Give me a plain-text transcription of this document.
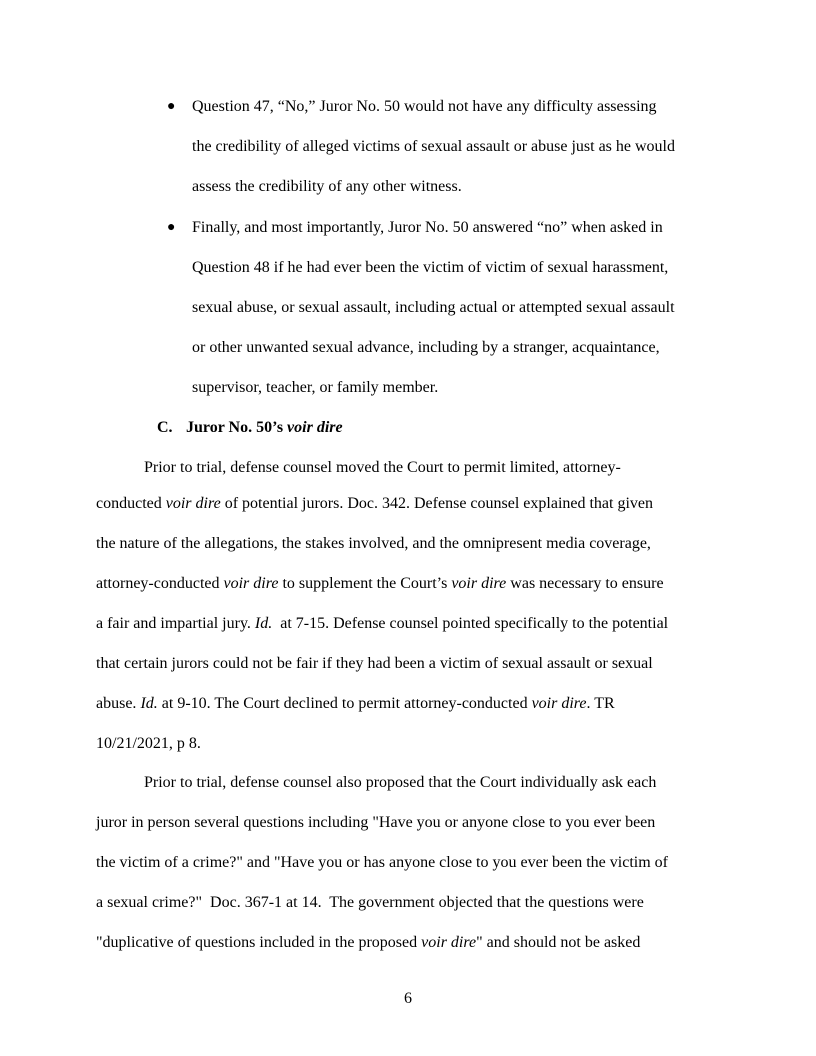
● Question 47, “No,” Juror No. 50 would not have any difficulty assessing
the credibility of alleged victims of sexual assault or abuse just as he would
assess the credibility of any other witness.
● Finally, and most importantly, Juror No. 50 answered “no” when asked in
Question 48 if he had ever been the victim of victim of sexual harassment,
sexual abuse, or sexual assault, including actual or attempted sexual assault
or other unwanted sexual advance, including by a stranger, acquaintance,
supervisor, teacher, or family member.
C. Juror No. 50’s voir dire
Prior to trial, defense counsel moved the Court to permit limited, attorney-
conducted voir dire of potential jurors. Doc. 342. Defense counsel explained that given
the nature of the allegations, the stakes involved, and the omnipresent media coverage,
attorney-conducted voir dire to supplement the Court’s voir dire was necessary to ensure
a fair and impartial jury. Id.  at 7-15. Defense counsel pointed specifically to the potential
that certain jurors could not be fair if they had been a victim of sexual assault or sexual
abuse. Id. at 9-10. The Court declined to permit attorney-conducted voir dire. TR
10/21/2021, p 8.
Prior to trial, defense counsel also proposed that the Court individually ask each
juror in person several questions including "Have you or anyone close to you ever been
the victim of a crime?" and "Have you or has anyone close to you ever been the victim of
a sexual crime?"  Doc. 367-1 at 14.  The government objected that the questions were
"duplicative of questions included in the proposed voir dire" and should not be asked
6
